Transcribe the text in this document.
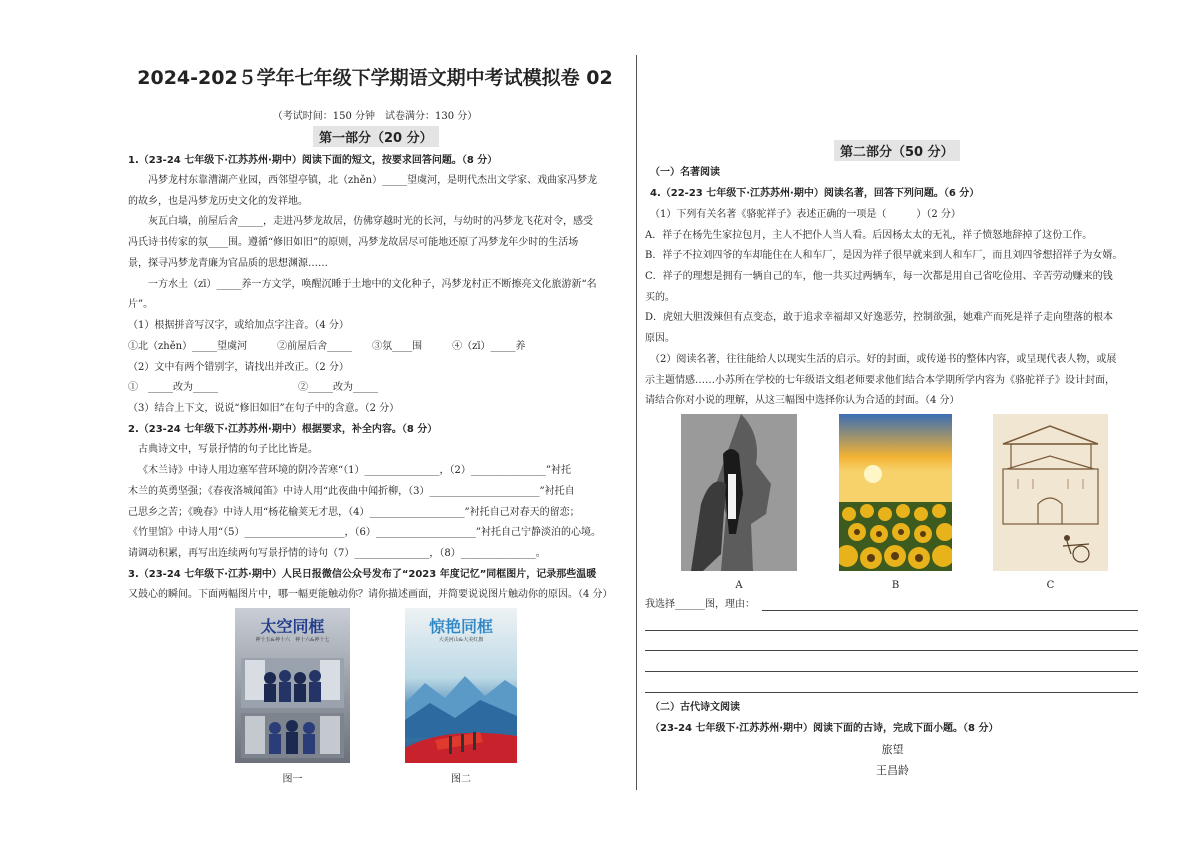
2024-202５学年七年级下学期语文期中考试模拟卷 02
（考试时间：150 分钟　试卷满分：130 分）
第一部分（20 分）
1.（23-24 七年级下·江苏苏州·期中）阅读下面的短文，按要求回答问题。（8 分）
冯梦龙村东靠漕湖产业园，西邻望亭镇，北（zhěn）_____望虞河，是明代杰出文学家、戏曲家冯梦龙
的故乡，也是冯梦龙历史文化的发祥地。
灰瓦白墙，前屋后舍_____，走进冯梦龙故居，仿佛穿越时光的长河，与幼时的冯梦龙飞花对令，感受
冯氏诗书传家的氛____围。遵循“修旧如旧”的原则，冯梦龙故居尽可能地还原了冯梦龙年少时的生活场
景，探寻冯梦龙青廉为官品质的思想渊源……
一方水土（zī）_____养一方文学，唤醒沉睡于土地中的文化种子，冯梦龙村正不断擦亮文化旅游新“名
片”。
（1）根据拼音写汉字，或给加点字注音。（4 分）
①北（zhěn）_____望虞河　　　②前屋后舍_____　　③氛____围　　　④（zī）_____养
（2）文中有两个错别字，请找出并改正。（2 分）
①　_____改为_____　　　　　　　　②_____改为_____
（3）结合上下文，说说“修旧如旧”在句子中的含意。（2 分）
2.（23-24 七年级下·江苏苏州·期中）根据要求，补全内容。（8 分）
古典诗文中，写景抒情的句子比比皆是。
《木兰诗》中诗人用边塞军营环境的阴冷苦寒“（1）_______________，（2）_______________”衬托
木兰的英勇坚强；《春夜洛城闻笛》中诗人用“此夜曲中闻折柳，（3）______________________”衬托自
己思乡之苦；《晚春》中诗人用“杨花榆荚无才思，（4）___________________”衬托自己对春天的留恋；
《竹里馆》中诗人用“（5）____________________，（6）____________________”衬托自己宁静淡泊的心境。
请调动积累，再写出连续两句写景抒情的诗句（7）_______________，（8）_______________。
3.（23-24 七年级下·江苏·期中）人民日报微信公众号发布了“2023 年度记忆”同框图片，记录那些温暖
又鼓心的瞬间。下面两幅图片中，哪一幅更能触动你？请你描述画面，并简要说说图片触动你的原因。（4 分）
太空同框
神十五&神十六　神十六&神十七
图一
惊艳同框
大美河山&大美红旗
图二
第二部分（50 分）
（一）名著阅读
4.（22-23 七年级下·江苏苏州·期中）阅读名著，回答下列问题。（6 分）
（1）下列有关名著《骆驼祥子》表述正确的一项是（　　　）（2 分）
A．祥子在杨先生家拉包月，主人不把仆人当人看。后因杨太太的无礼，祥子愤怒地辞掉了这份工作。
B．祥子不拉刘四爷的车却能住在人和车厂，是因为祥子很早就来到人和车厂，而且刘四爷想招祥子为女婿。
C．祥子的理想是拥有一辆自己的车，他一共买过两辆车，每一次都是用自己省吃俭用、辛苦劳动赚来的钱
买的。
D．虎妞大胆泼辣但有点变态，敢于追求幸福却又好逸恶劳，控制欲强，她难产而死是祥子走向堕落的根本
原因。
（2）阅读名著，往往能给人以现实生活的启示。好的封面，或传递书的整体内容，或呈现代表人物，或展
示主题情感……小苏所在学校的七年级语文组老师要求他们结合本学期所学内容为《骆驼祥子》设计封面，
请结合你对小说的理解，从这三幅图中选择你认为合适的封面。（4 分）
A	B	C
我选择______图，理由：
（二）古代诗文阅读
（23-24 七年级下·江苏苏州·期中）阅读下面的古诗，完成下面小题。（8 分）
旅望
王昌龄
